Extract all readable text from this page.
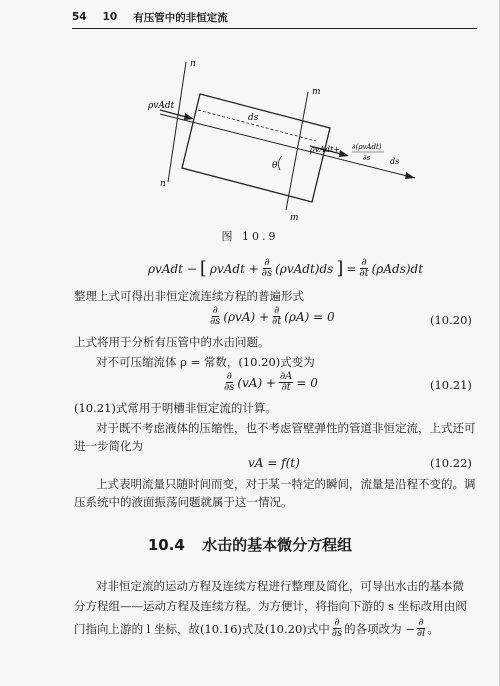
54 10 有压管中的非恒定流
n
n
m
m
ρvAdt
ds
θ
ρvAdt+ ∂(ρvAdt)
∂s ds
图 10.9
ρvAdt − [ ρvAdt + $\frac{\partial}{\partial s}$ (ρvAdt)ds ] = $\frac{\partial}{\partial t} (\rho Ads)dt$
整理上式可得出非恒定流连续方程的普遍形式
$\frac{\partial}{\partial s} (\rho vA) + \frac{\partial}{\partial t} (\rho A) = 0$	(10.20)
上式将用于分析有压管中的水击问题。
对不可压缩流体 ρ = 常数，(10.20)式变为
$\frac{\partial}{\partial s} (vA) + \frac{\partial A}{\partial t} = 0$	(10.21)
(10.21)式常用于明槽非恒定流的计算。
对于既不考虑液体的压缩性，也不考虑管壁弹性的管道非恒定流，上式还可
进一步简化为
vA = f(t)	(10.22)
上式表明流量只随时间而变，对于某一特定的瞬间，流量是沿程不变的。调
压系统中的液面振荡问题就属于这一情况。
10.4 水击的基本微分方程组
对非恒定流的运动方程及连续方程进行整理及简化，可导出水击的基本微
分方程组——运动方程及连续方程。为方便计，将指向下游的 s 坐标改用由阀
门指向上游的 l 坐标，故(10.16)式及(10.20)式中 $\frac{\partial}{\partial s}$ 的各项改为 − $\frac{\partial}{\partial l}$ 。
